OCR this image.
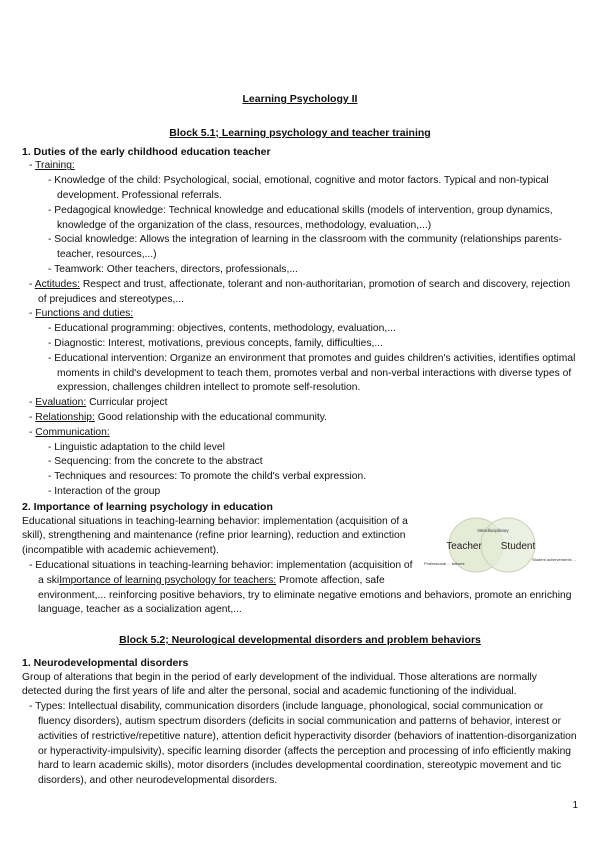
Learning Psychology II
Block 5.1; Learning psychology and teacher training
1. Duties of the early childhood education teacher
- Training:
- Knowledge of the child: Psychological, social, emotional, cognitive and motor factors. Typical and non-typical development. Professional referrals.
- Pedagogical knowledge: Technical knowledge and educational skills (models of intervention, group dynamics, knowledge of the organization of the class, resources, methodology, evaluation,...)
- Social knowledge: Allows the integration of learning in the classroom with the community (relationships parents-teacher, resources,...)
- Teamwork: Other teachers, directors, professionals,...
- Actitudes: Respect and trust, affectionate, tolerant and non-authoritarian, promotion of search and discovery, rejection of prejudices and stereotypes,...
- Functions and duties:
- Educational programming: objectives, contents, methodology, evaluation,...
- Diagnostic: Interest, motivations, previous concepts, family, difficulties,...
- Educational intervention: Organize an environment that promotes and guides children's activities, identifies optimal moments in child's development to teach them, promotes verbal and non-verbal interactions with diverse types of expression, challenges children intellect to promote self-resolution.
- Evaluation: Curricular project
- Relationship: Good relationship with the educational community.
- Communication:
- Linguistic adaptation to the child level
- Sequencing: from the concrete to the abstract
- Techniques and resources: To promote the child's verbal expression.
- Interaction of the group
2. Importance of learning psychology in education
Interdisciplinary
Teacher Student
Professional ... failures
Student achievements ...
Educational situations in teaching-learning behavior: implementation (acquisition of a skill), strengthening and maintenance (refine prior learning), reduction and extinction (incompatible with academic achievement).
- Educational situations in teaching-learning behavior: implementation (acquisition of a skiImportance of learning psychology for teachers: Promote affection, safe environment,... reinforcing positive behaviors, try to eliminate negative emotions and behaviors, promote an enriching language, teacher as a socialization agent,...
Block 5.2; Neurological developmental disorders and problem behaviors
1. Neurodevelopmental disorders
Group of alterations that begin in the period of early development of the individual. Those alterations are normally detected during the first years of life and alter the personal, social and academic functioning of the individual.
- Types: Intellectual disability, communication disorders (include language, phonological, social communication or fluency disorders), autism spectrum disorders (deficits in social communication and patterns of behavior, interest or activities of restrictive/repetitive nature), attention deficit hyperactivity disorder (behaviors of inattention-disorganization or hyperactivity-impulsivity), specific learning disorder (affects the perception and processing of info efficiently making hard to learn academic skills), motor disorders (includes developmental coordination, stereotypic movement and tic disorders), and other neurodevelopmental disorders.
1
